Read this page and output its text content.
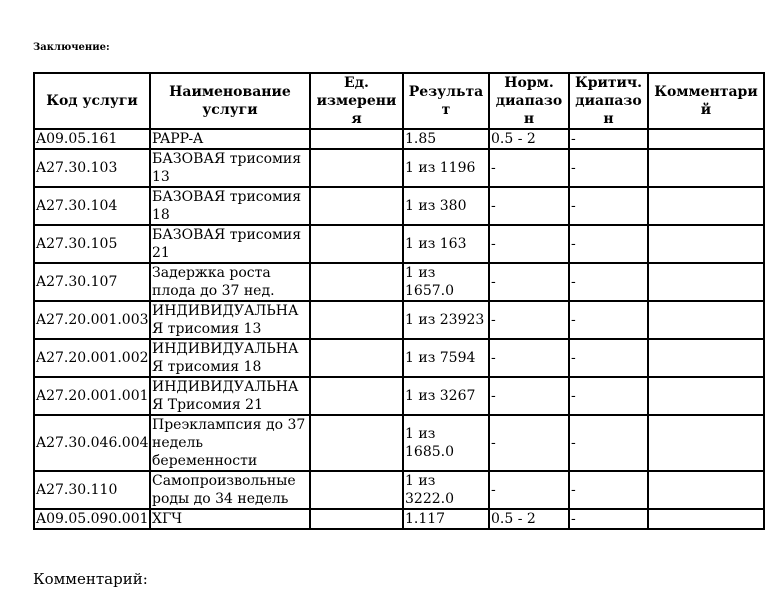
Заключение:
Код услуги	Наименование услуги	Ед. измерения	Результат	Норм. диапазон	Критич. диапазон	Комментарий
A09.05.161	PAPP-A		1.85	0.5 - 2	-	
A27.30.103	БАЗОВАЯ трисомия 13		1 из 1196	-	-	
A27.30.104	БАЗОВАЯ трисомия 18		1 из 380	-	-	
A27.30.105	БАЗОВАЯ трисомия 21		1 из 163	-	-	
A27.30.107	Задержка роста плода до 37 нед.		1 из 1657.0	-	-	
A27.20.001.003	ИНДИВИДУАЛЬНАЯ трисомия 13		1 из 23923	-	-	
A27.20.001.002	ИНДИВИДУАЛЬНАЯ трисомия 18		1 из 7594	-	-	
A27.20.001.001	ИНДИВИДУАЛЬНАЯ Трисомия 21		1 из 3267	-	-	
A27.30.046.004	Преэклампсия до 37 недель беременности		1 из 1685.0	-	-	
A27.30.110	Самопроизвольные роды до 34 недель		1 из 3222.0	-	-	
A09.05.090.001	ХГЧ		1.117	0.5 - 2	-	
Комментарий:
